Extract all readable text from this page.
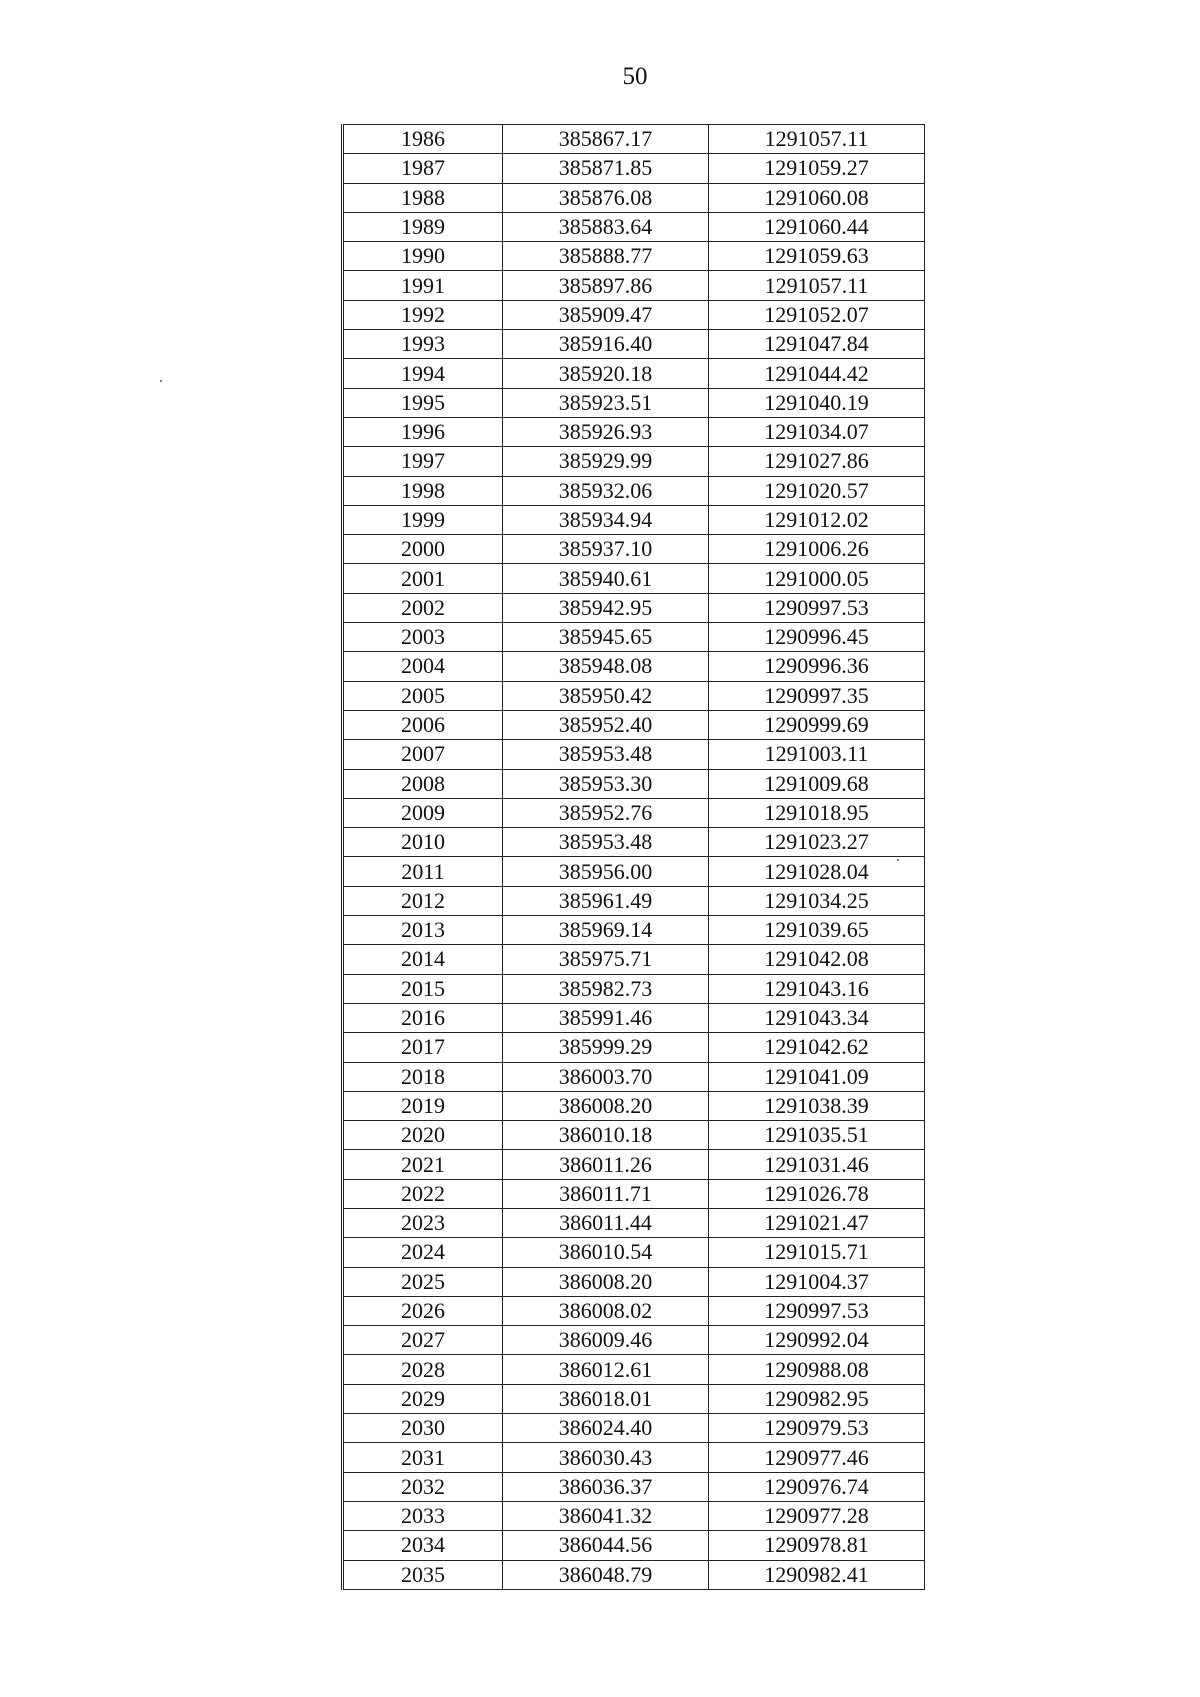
50
1986	385867.17	1291057.11
1987	385871.85	1291059.27
1988	385876.08	1291060.08
1989	385883.64	1291060.44
1990	385888.77	1291059.63
1991	385897.86	1291057.11
1992	385909.47	1291052.07
1993	385916.40	1291047.84
1994	385920.18	1291044.42
1995	385923.51	1291040.19
1996	385926.93	1291034.07
1997	385929.99	1291027.86
1998	385932.06	1291020.57
1999	385934.94	1291012.02
2000	385937.10	1291006.26
2001	385940.61	1291000.05
2002	385942.95	1290997.53
2003	385945.65	1290996.45
2004	385948.08	1290996.36
2005	385950.42	1290997.35
2006	385952.40	1290999.69
2007	385953.48	1291003.11
2008	385953.30	1291009.68
2009	385952.76	1291018.95
2010	385953.48	1291023.27
2011	385956.00	1291028.04
2012	385961.49	1291034.25
2013	385969.14	1291039.65
2014	385975.71	1291042.08
2015	385982.73	1291043.16
2016	385991.46	1291043.34
2017	385999.29	1291042.62
2018	386003.70	1291041.09
2019	386008.20	1291038.39
2020	386010.18	1291035.51
2021	386011.26	1291031.46
2022	386011.71	1291026.78
2023	386011.44	1291021.47
2024	386010.54	1291015.71
2025	386008.20	1291004.37
2026	386008.02	1290997.53
2027	386009.46	1290992.04
2028	386012.61	1290988.08
2029	386018.01	1290982.95
2030	386024.40	1290979.53
2031	386030.43	1290977.46
2032	386036.37	1290976.74
2033	386041.32	1290977.28
2034	386044.56	1290978.81
2035	386048.79	1290982.41
